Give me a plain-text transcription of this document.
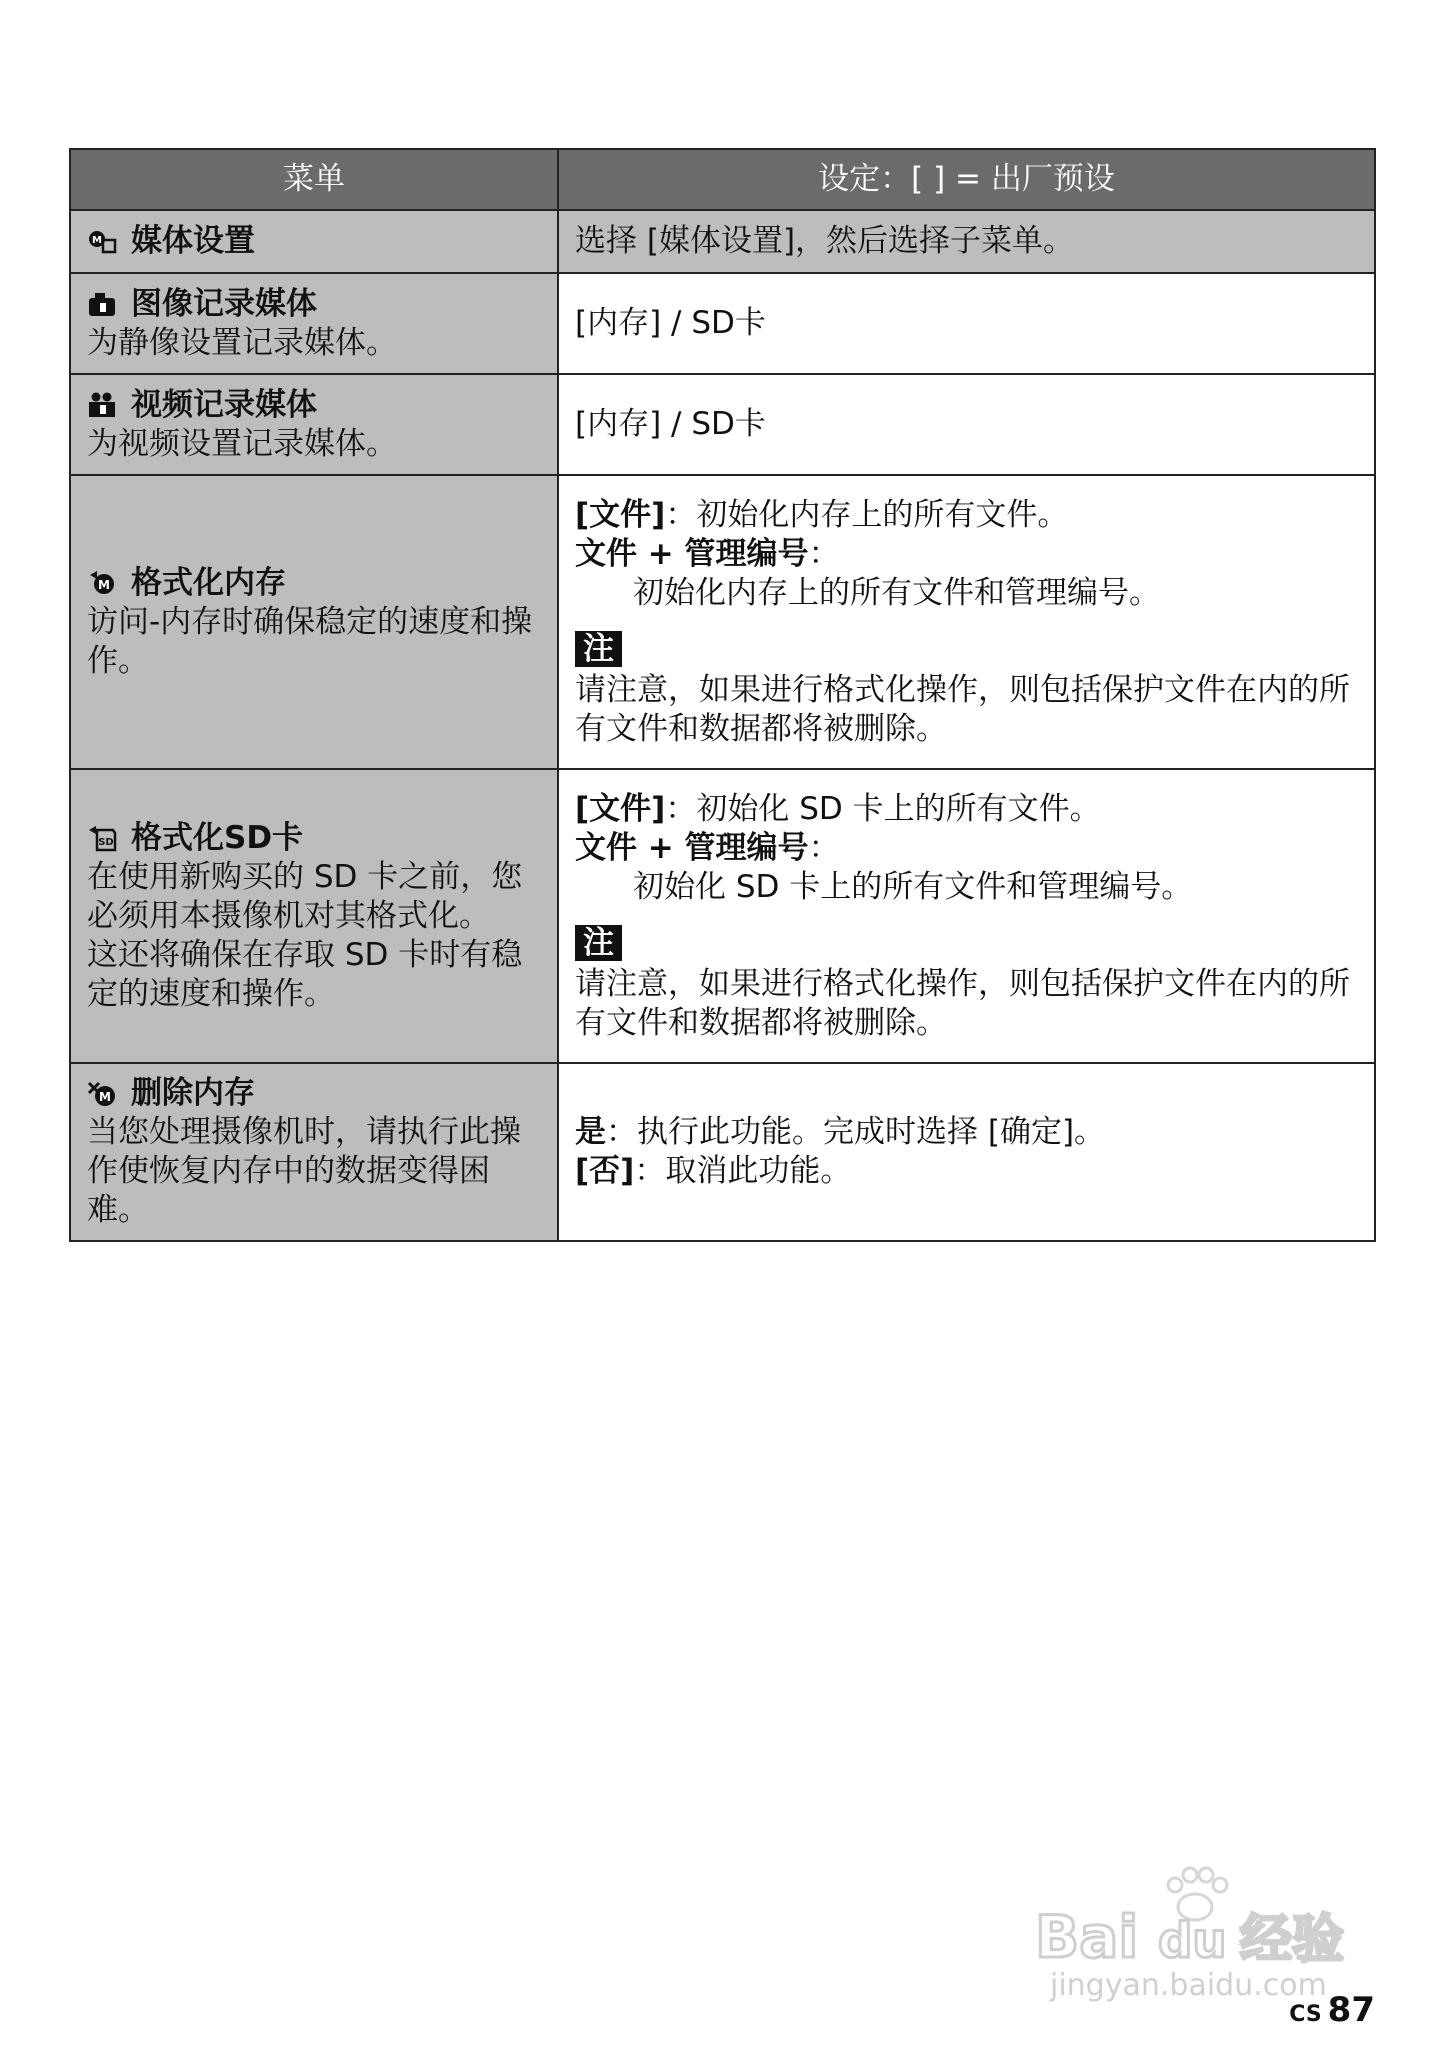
菜单	设定：[ ] = 出厂预设

M 媒体设置	选择 [媒体设置]，然后选择子菜单。

图像记录媒体
为静像设置记录媒体。	[内存] / SD卡

视频记录媒体
为视频设置记录媒体。	[内存] / SD卡

M 格式化内存
访问-内存时确保稳定的速度和操作。	[文件]：初始化内存上的所有文件。
文件 + 管理编号：
初始化内存上的所有文件和管理编号。
注
请注意，如果进行格式化操作，则包括保护文件在内的所有文件和数据都将被删除。

SD 格式化SD卡
在使用新购买的 SD 卡之前，您必须用本摄像机对其格式化。
这还将确保在存取 SD 卡时有稳定的速度和操作。	[文件]：初始化 SD 卡上的所有文件。
文件 + 管理编号：
初始化 SD 卡上的所有文件和管理编号。
注
请注意，如果进行格式化操作，则包括保护文件在内的所有文件和数据都将被删除。

M 删除内存
当您处理摄像机时，请执行此操作使恢复内存中的数据变得困难。	是：执行此功能。完成时选择 [确定]。
[否]：取消此功能。
Bai du 经验
jingyan.baidu.com
CS 87
